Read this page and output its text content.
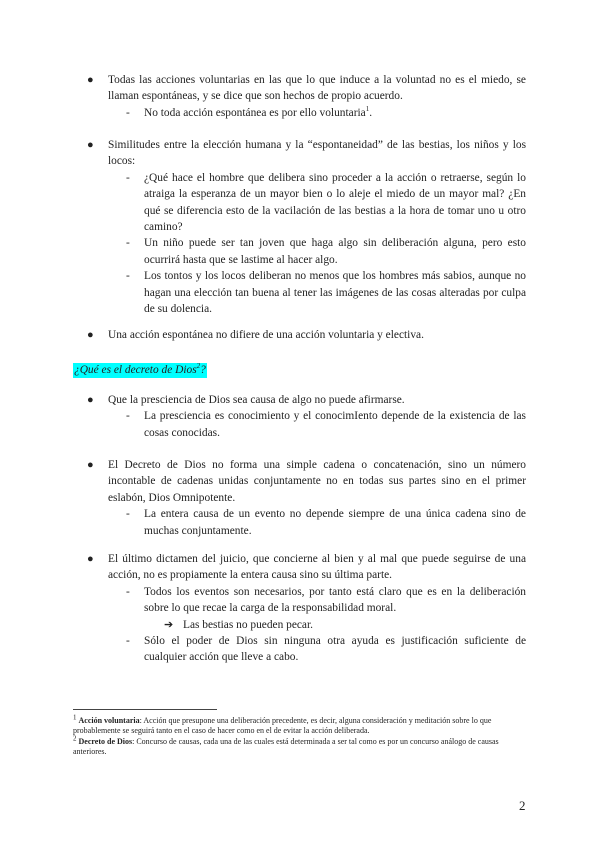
● Todas las acciones voluntarias en las que lo que induce a la voluntad no es el miedo, se llaman espontáneas, y se dice que son hechos de propio acuerdo.
- No toda acción espontánea es por ello voluntaria$^1$.
● Similitudes entre la elección humana y la “espontaneidad” de las bestias, los niños y los locos:
- ¿Qué hace el hombre que delibera sino proceder a la acción o retraerse, según lo atraiga la esperanza de un mayor bien o lo aleje el miedo de un mayor mal? ¿En qué se diferencia esto de la vacilación de las bestias a la hora de tomar uno u otro camino?
- Un niño puede ser tan joven que haga algo sin deliberación alguna, pero esto ocurrirá hasta que se lastime al hacer algo.
- Los tontos y los locos deliberan no menos que los hombres más sabios, aunque no hagan una elección tan buena al tener las imágenes de las cosas alteradas por culpa de su dolencia.
● Una acción espontánea no difiere de una acción voluntaria y electiva.
¿Qué es el decreto de Dios$^2$?
● Que la presciencia de Dios sea causa de algo no puede afirmarse.
- La presciencia es conocimiento y el conocimIento depende de la existencia de las cosas conocidas.
● El Decreto de Dios no forma una simple cadena o concatenación, sino un número incontable de cadenas unidas conjuntamente no en todas sus partes sino en el primer eslabón, Dios Omnipotente.
- La entera causa de un evento no depende siempre de una única cadena sino de muchas conjuntamente.
● El último dictamen del juicio, que concierne al bien y al mal que puede seguirse de una acción, no es propiamente la entera causa sino su última parte.
- Todos los eventos son necesarios, por tanto está claro que es en la deliberación sobre lo que recae la carga de la responsabilidad moral.
➔ Las bestias no pueden pecar.
- Sólo el poder de Dios sin ninguna otra ayuda es justificación suficiente de cualquier acción que lleve a cabo.

$^1$ Acción voluntaria: Acción que presupone una deliberación precedente, es decir, alguna consideración y meditación sobre lo que probablemente se seguirá tanto en el caso de hacer como en el de evitar la acción deliberada.

$^2$ Decreto de Dios: Concurso de causas, cada una de las cuales está determinada a ser tal como es por un concurso análogo de causas anteriores.

2
